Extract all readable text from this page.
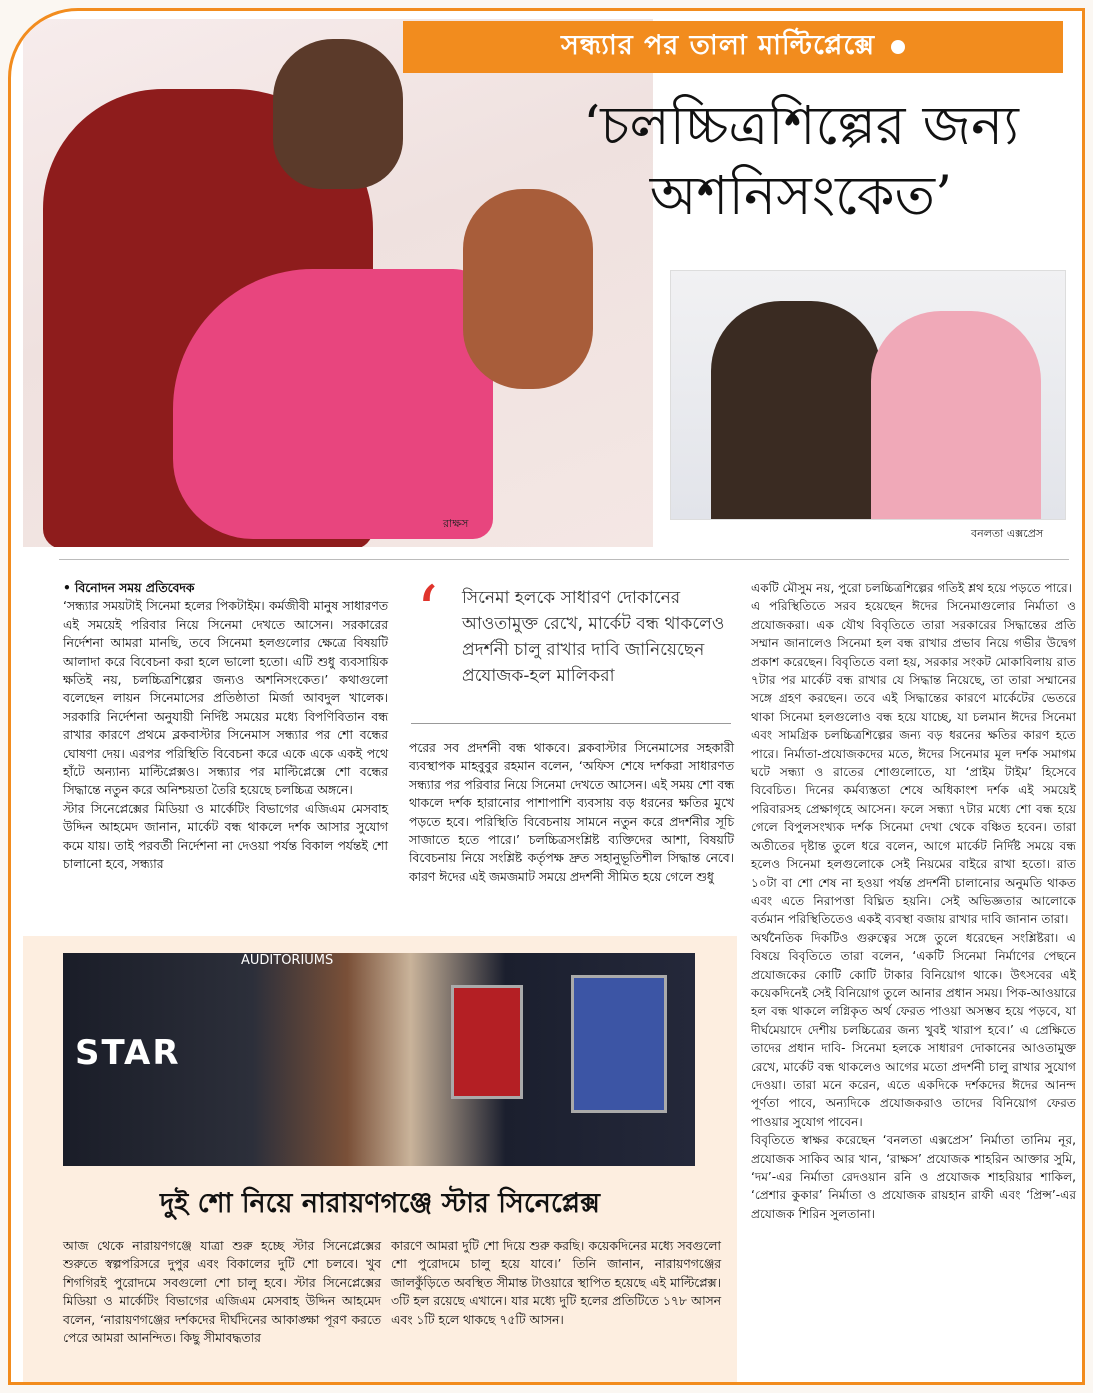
রাক্ষস
সন্ধ্যার পর তালা মাল্টিপ্লেক্সে
‘চলচ্চিত্রশিল্পের জন্য
অশনিসংকেত’
বনলতা এক্সপ্রেস

• বিনোদন সময় প্রতিবেদক

‘সন্ধ্যার সময়টাই সিনেমা হলের পিকটাইম। কর্মজীবী মানুষ সাধারণত এই সময়েই পরিবার নিয়ে সিনেমা দেখতে আসেন। সরকারের নির্দেশনা আমরা মানছি, তবে সিনেমা হলগুলোর ক্ষেত্রে বিষয়টি আলাদা করে বিবেচনা করা হলে ভালো হতো। এটি শুধু ব্যবসায়িক ক্ষতিই নয়, চলচ্চিত্রশিল্পের জন্যও অশনিসংকেত।’ কথাগুলো বলেছেন লায়ন সিনেমাসের প্রতিষ্ঠাতা মির্জা আবদুল খালেক। সরকারি নির্দেশনা অনুযায়ী নির্দিষ্ট সময়ের মধ্যে বিপণিবিতান বন্ধ রাখার কারণে প্রথমে ব্লকবাস্টার সিনেমাস সন্ধ্যার পর শো বন্ধের ঘোষণা দেয়। এরপর পরিস্থিতি বিবেচনা করে একে একে একই পথে হাঁটে অন্যান্য মাল্টিপ্লেক্সও। সন্ধ্যার পর মাল্টিপ্লেক্সে শো বন্ধের সিদ্ধান্তে নতুন করে অনিশ্চয়তা তৈরি হয়েছে চলচ্চিত্র অঙ্গনে।

স্টার সিনেপ্লেক্সের মিডিয়া ও মার্কেটিং বিভাগের এজিএম মেসবাহ উদ্দিন আহমেদ জানান, মার্কেট বন্ধ থাকলে দর্শক আসার সুযোগ কমে যায়। তাই পরবর্তী নির্দেশনা না দেওয়া পর্যন্ত বিকাল পর্যন্তই শো চালানো হবে, সন্ধ্যার

‘ সিনেমা হলকে সাধারণ দোকানের আওতামুক্ত রেখে, মার্কেট বন্ধ থাকলেও প্রদর্শনী চালু রাখার দাবি জানিয়েছেন প্রযোজক-হল মালিকরা

পরের সব প্রদর্শনী বন্ধ থাকবে। ব্লকবাস্টার সিনেমাসের সহকারী ব্যবস্থাপক মাহবুবুর রহমান বলেন, ‘অফিস শেষে দর্শকরা সাধারণত সন্ধ্যার পর পরিবার নিয়ে সিনেমা দেখতে আসেন। এই সময় শো বন্ধ থাকলে দর্শক হারানোর পাশাপাশি ব্যবসায় বড় ধরনের ক্ষতির মুখে পড়তে হবে। পরিস্থিতি বিবেচনায় সামনে নতুন করে প্রদর্শনীর সূচি সাজাতে হতে পারে।’ চলচ্চিত্রসংশ্লিষ্ট ব্যক্তিদের আশা, বিষয়টি বিবেচনায় নিয়ে সংশ্লিষ্ট কর্তৃপক্ষ দ্রুত সহানুভূতিশীল সিদ্ধান্ত নেবে। কারণ ঈদের এই জমজমাট সময়ে প্রদর্শনী সীমিত হয়ে গেলে শুধু

একটি মৌসুম নয়, পুরো চলচ্চিত্রশিল্পের গতিই শ্লথ হয়ে পড়তে পারে।

এ পরিস্থিতিতে সরব হয়েছেন ঈদের সিনেমাগুলোর নির্মাতা ও প্রযোজকরা। এক যৌথ বিবৃতিতে তারা সরকারের সিদ্ধান্তের প্রতি সম্মান জানালেও সিনেমা হল বন্ধ রাখার প্রভাব নিয়ে গভীর উদ্বেগ প্রকাশ করেছেন। বিবৃতিতে বলা হয়, সরকার সংকট মোকাবিলায় রাত ৭টার পর মার্কেট বন্ধ রাখার যে সিদ্ধান্ত নিয়েছে, তা তারা সম্মানের সঙ্গে গ্রহণ করছেন। তবে এই সিদ্ধান্তের কারণে মার্কেটের ভেতরে থাকা সিনেমা হলগুলোও বন্ধ হয়ে যাচ্ছে, যা চলমান ঈদের সিনেমা এবং সামগ্রিক চলচ্চিত্রশিল্পের জন্য বড় ধরনের ক্ষতির কারণ হতে পারে। নির্মাতা-প্রযোজকদের মতে, ঈদের সিনেমার মূল দর্শক সমাগম ঘটে সন্ধ্যা ও রাতের শোগুলোতে, যা ‘প্রাইম টাইম’ হিসেবে বিবেচিত। দিনের কর্মব্যস্ততা শেষে অধিকাংশ দর্শক এই সময়েই পরিবারসহ প্রেক্ষাগৃহে আসেন। ফলে সন্ধ্যা ৭টার মধ্যে শো বন্ধ হয়ে গেলে বিপুলসংখ্যক দর্শক সিনেমা দেখা থেকে বঞ্চিত হবেন। তারা অতীতের দৃষ্টান্ত তুলে ধরে বলেন, আগে মার্কেট নির্দিষ্ট সময়ে বন্ধ হলেও সিনেমা হলগুলোকে সেই নিয়মের বাইরে রাখা হতো। রাত ১০টা বা শো শেষ না হওয়া পর্যন্ত প্রদর্শনী চালানোর অনুমতি থাকত এবং এতে নিরাপত্তা বিঘ্নিত হয়নি। সেই অভিজ্ঞতার আলোকে বর্তমান পরিস্থিতিতেও একই ব্যবস্থা বজায় রাখার দাবি জানান তারা।

অর্থনৈতিক দিকটিও গুরুত্বের সঙ্গে তুলে ধরেছেন সংশ্লিষ্টরা। এ বিষয়ে বিবৃতিতে তারা বলেন, ‘একটি সিনেমা নির্মাণের পেছনে প্রযোজকের কোটি কোটি টাকার বিনিয়োগ থাকে। উৎসবের এই কয়েকদিনেই সেই বিনিয়োগ তুলে আনার প্রধান সময়। পিক-আওয়ারে হল বন্ধ থাকলে লগ্নিকৃত অর্থ ফেরত পাওয়া অসম্ভব হয়ে পড়বে, যা দীর্ঘমেয়াদে দেশীয় চলচ্চিত্রের জন্য খুবই খারাপ হবে।’ এ প্রেক্ষিতে তাদের প্রধান দাবি- সিনেমা হলকে সাধারণ দোকানের আওতামুক্ত রেখে, মার্কেট বন্ধ থাকলেও আগের মতো প্রদর্শনী চালু রাখার সুযোগ দেওয়া। তারা মনে করেন, এতে একদিকে দর্শকদের ঈদের আনন্দ পূর্ণতা পাবে, অন্যদিকে প্রযোজকরাও তাদের বিনিয়োগ ফেরত পাওয়ার সুযোগ পাবেন।

বিবৃতিতে স্বাক্ষর করেছেন ‘বনলতা এক্সপ্রেস’ নির্মাতা তানিম নূর, প্রযোজক সাকিব আর খান, ‘রাক্ষস’ প্রযোজক শাহরিন আক্তার সুমি, ‘দম’-এর নির্মাতা রেদওয়ান রনি ও প্রযোজক শাহরিয়ার শাকিল, ‘প্রেশার কুকার’ নির্মাতা ও প্রযোজক রায়হান রাফী এবং ‘প্রিন্স’-এর প্রযোজক শিরিন সুলতানা।

AUDITORIUMS
STAR
দুই শো নিয়ে নারায়ণগঞ্জে স্টার সিনেপ্লেক্স

আজ থেকে নারায়ণগঞ্জে যাত্রা শুরু হচ্ছে স্টার সিনেপ্লেক্সের শুরুতে স্বল্পপরিসরে দুপুর এবং বিকালের দুটি শো চলবে। খুব শিগগিরই পুরোদমে সবগুলো শো চালু হবে। স্টার সিনেপ্লেক্সের মিডিয়া ও মার্কেটিং বিভাগের এজিএম মেসবাহ উদ্দিন আহমেদ বলেন, ‘নারায়ণগঞ্জের দর্শকদের দীর্ঘদিনের আকাঙ্ক্ষা পূরণ করতে পেরে আমরা আনন্দিত। কিছু সীমাবদ্ধতার

কারণে আমরা দুটি শো দিয়ে শুরু করছি। কয়েকদিনের মধ্যে সবগুলো শো পুরোদমে চালু হয়ে যাবে।’ তিনি জানান, নারায়ণগঞ্জের জালকুঁড়িতে অবস্থিত সীমান্ত টাওয়ারে স্থাপিত হয়েছে এই মাল্টিপ্লেক্স। ৩টি হল রয়েছে এখানে। যার মধ্যে দুটি হলের প্রতিটিতে ১৭৮ আসন এবং ১টি হলে থাকছে ৭৫টি আসন।
